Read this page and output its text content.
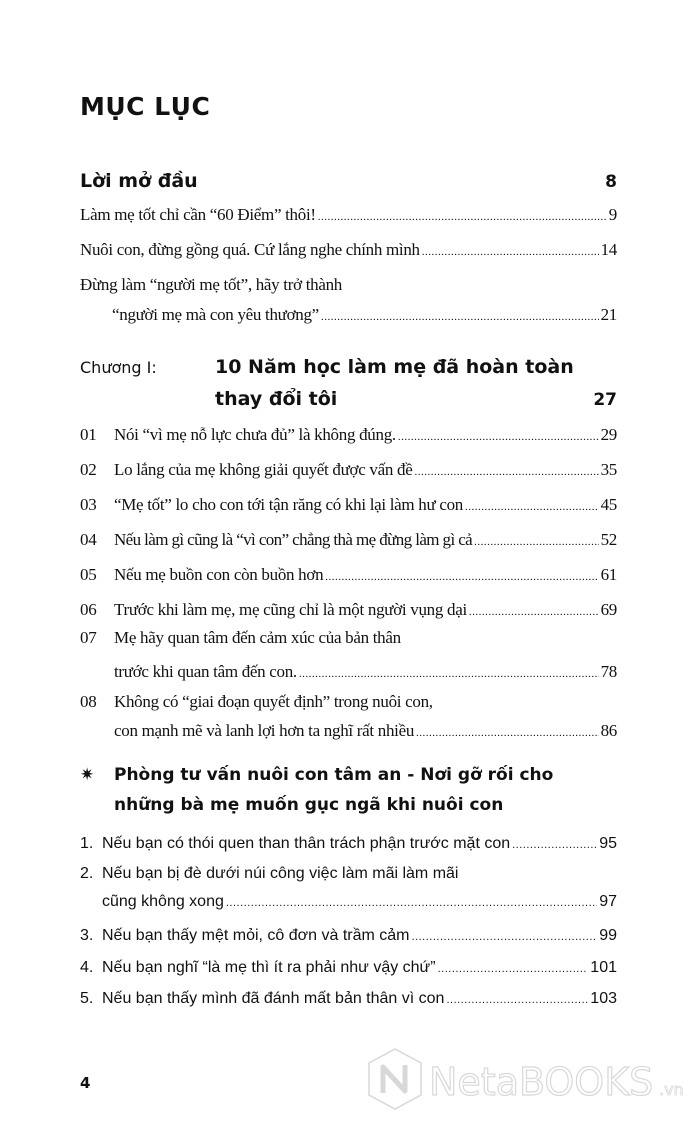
MỤC LỤC
Lời mở đầu	8
Làm mẹ tốt chỉ cần “60 Điểm” thôi! .....	9
Nuôi con, đừng gồng quá. Cứ lắng nghe chính mình .....	14
Đừng làm “người mẹ tốt”, hãy trở thành
“người mẹ mà con yêu thương” .....	21
Chương I:	10 Năm học làm mẹ đã hoàn toàn
thay đổi tôi	27
01	Nói “vì mẹ nỗ lực chưa đủ” là không đúng. .....	29
02	Lo lắng của mẹ không giải quyết được vấn đề .....	35
03	“Mẹ tốt” lo cho con tới tận răng có khi lại làm hư con .....	45
04	Nếu làm gì cũng là “vì con” chẳng thà mẹ đừng làm gì cả .....	52
05	Nếu mẹ buồn con còn buồn hơn .....	61
06	Trước khi làm mẹ, mẹ cũng chỉ là một người vụng dại .....	69
07	Mẹ hãy quan tâm đến cảm xúc của bản thân
trước khi quan tâm đến con. .....	78
08	Không có “giai đoạn quyết định” trong nuôi con,
con mạnh mẽ và lanh lợi hơn ta nghĩ rất nhiều .....	86
✷	Phòng tư vấn nuôi con tâm an - Nơi gỡ rối cho
những bà mẹ muốn gục ngã khi nuôi con
1. Nếu bạn có thói quen than thân trách phận trước mặt con .....	95
2. Nếu bạn bị đè dưới núi công việc làm mãi làm mãi
cũng không xong .....	97
3. Nếu bạn thấy mệt mỏi, cô đơn và trầm cảm .....	99
4. Nếu bạn nghĩ “là mẹ thì ít ra phải như vậy chứ” .....	101
5. Nếu bạn thấy mình đã đánh mất bản thân vì con .....	103
4	NetaBOOKS .vn
